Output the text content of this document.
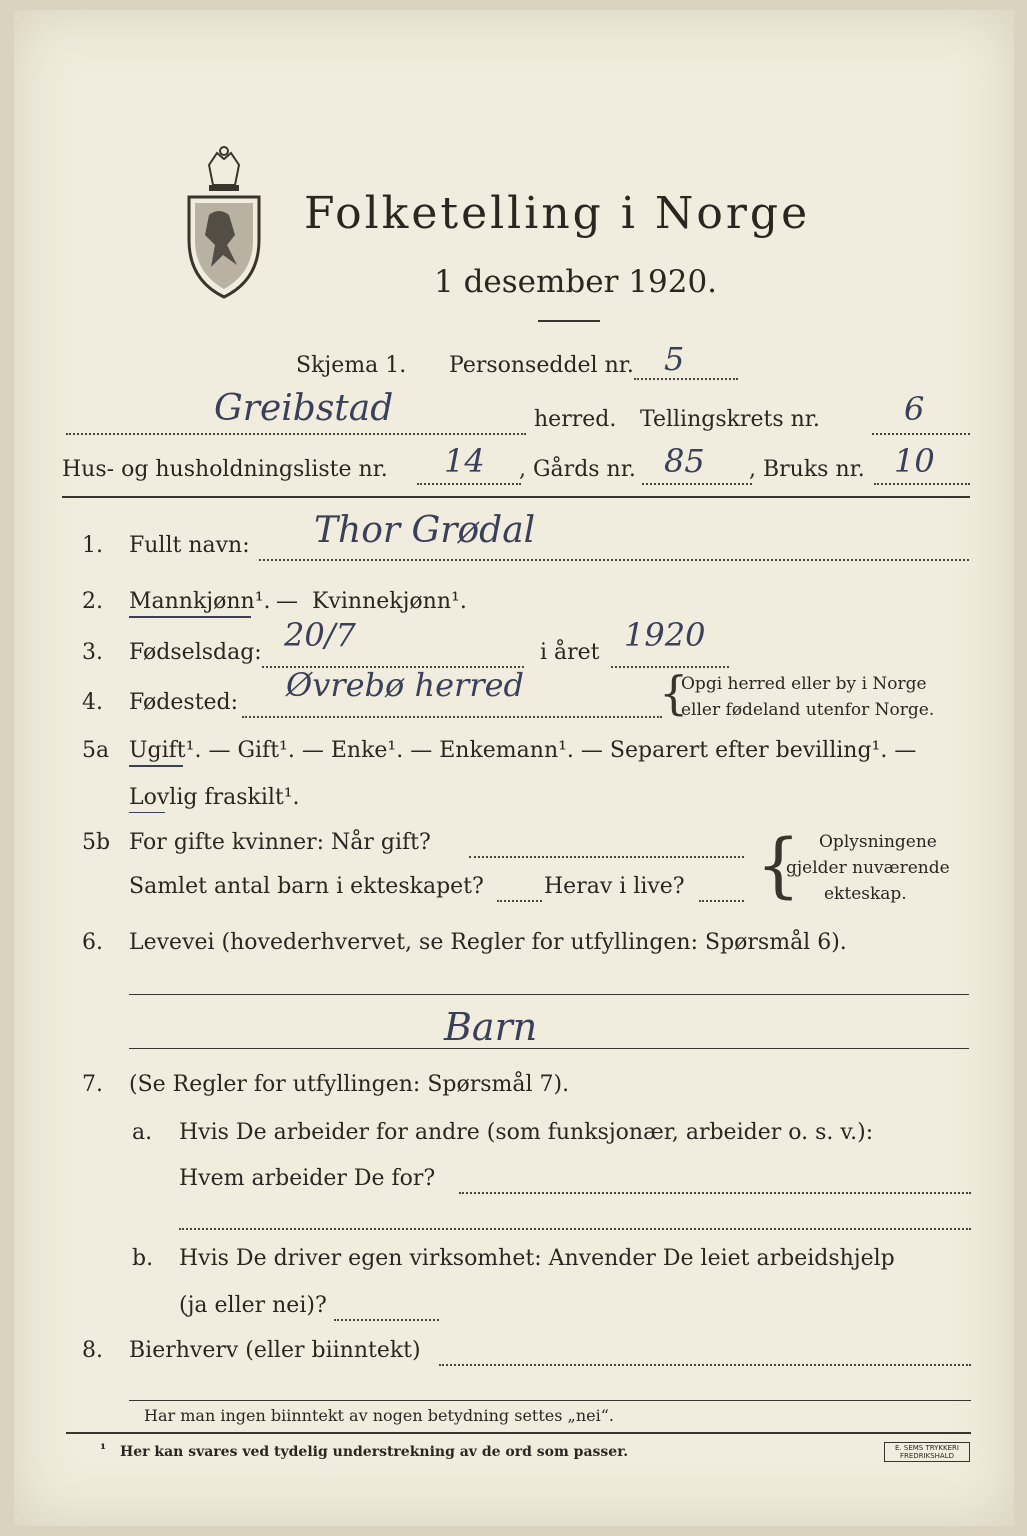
Folketelling i Norge
1 desember 1920.
Skjema 1. Personseddel nr. 5
Greibstad	herred. Tellingskrets nr.	6
Hus- og husholdningsliste nr. 14 , Gårds nr. 85 , Bruks nr. 10
1. Fullt navn: Thor Grødal
2. Mannkjønn¹. — Kvinnekjønn¹.
3. Fødselsdag: 20/7	i året 1920
4. Fødested: Øvrebø herred	{
Opgi herred eller by i Norge
eller fødeland utenfor Norge.
5a Ugift¹. — Gift¹. — Enke¹. — Enkemann¹. — Separert efter bevilling¹. —
Lovlig fraskilt¹.
5b For gifte kvinner: Når gift?
Samlet antal barn i ekteskapet?	Herav i live? { Oplysningene
gjelder nuværende
ekteskap.
6. Levevei (hovederhvervet, se Regler for utfyllingen: Spørsmål 6).
Barn
7. (Se Regler for utfyllingen: Spørsmål 7).
a. Hvis De arbeider for andre (som funksjonær, arbeider o. s. v.):
Hvem arbeider De for?
b. Hvis De driver egen virksomhet: Anvender De leiet arbeidshjelp
(ja eller nei)?
8. Bierhverv (eller biinntekt)
Har man ingen biinntekt av nogen betydning settes „nei“.
¹ Her kan svares ved tydelig understrekning av de ord som passer.	E. SEMS TRYKKERI FREDRIKSHALD
